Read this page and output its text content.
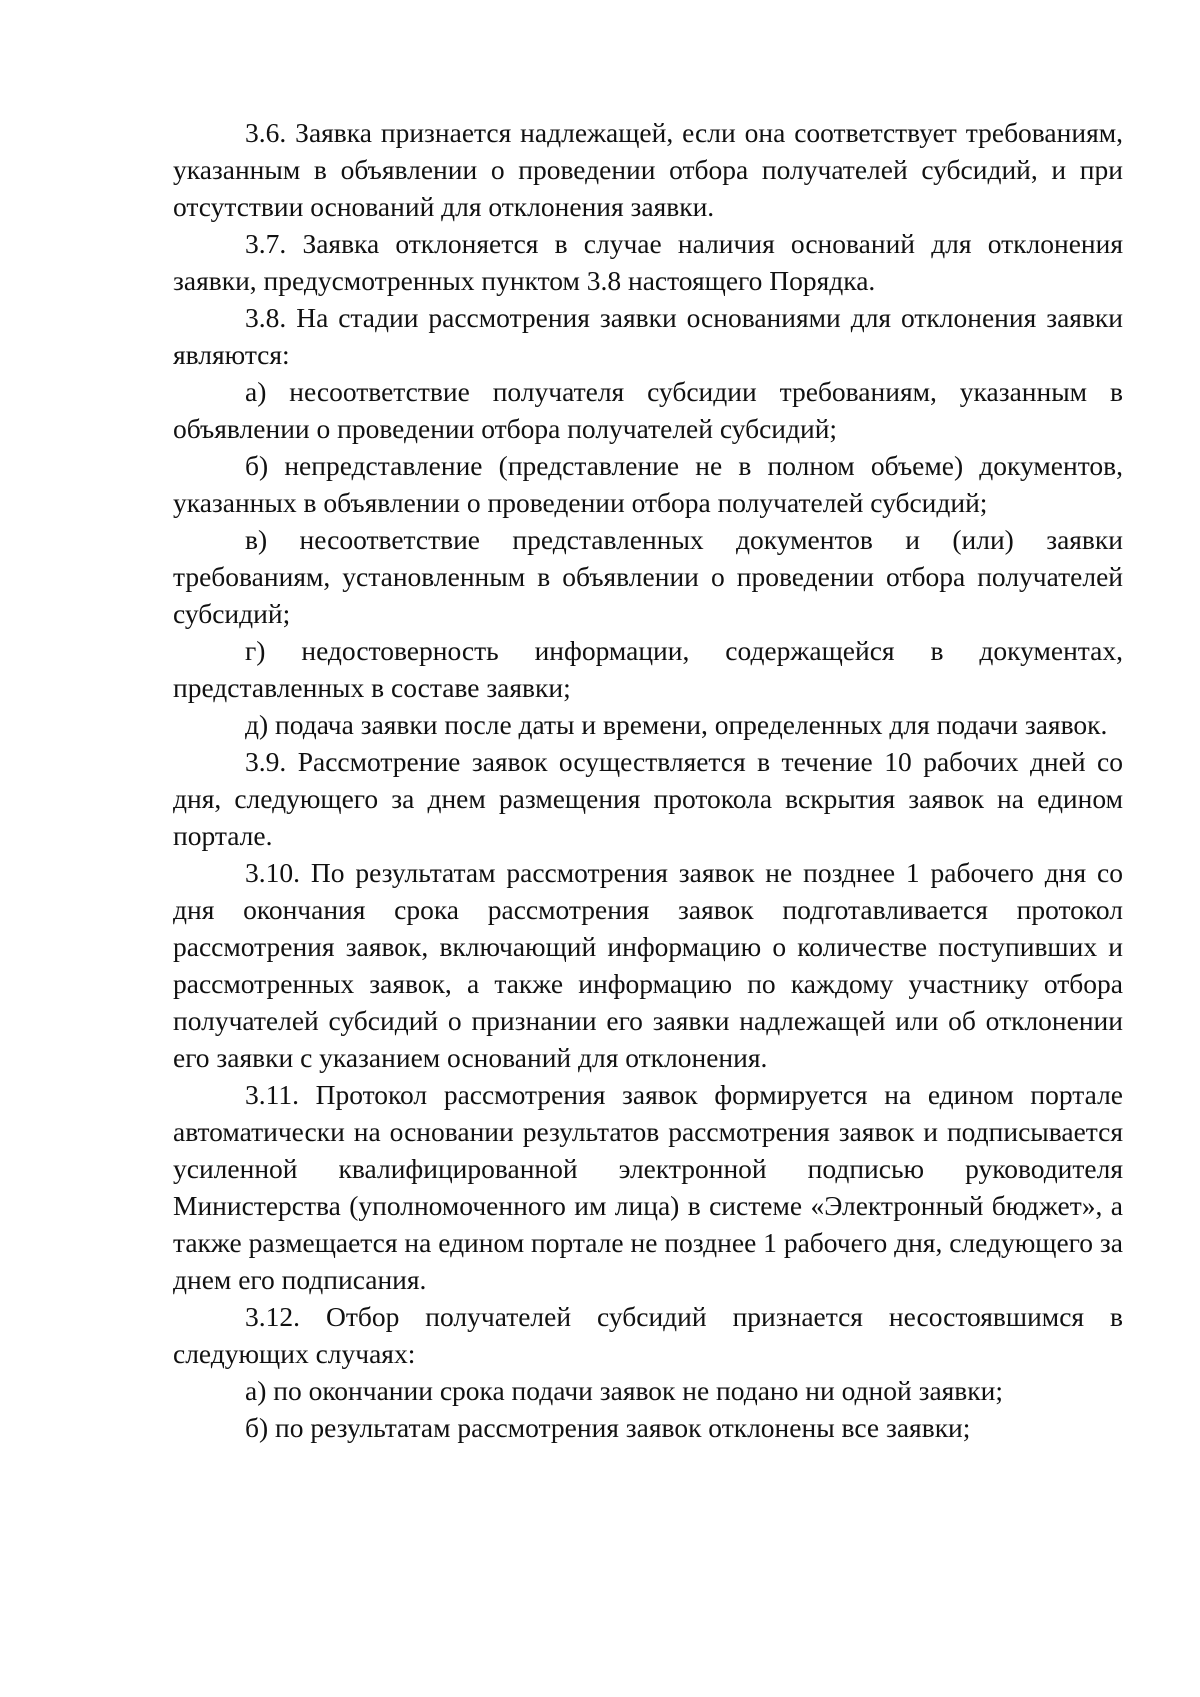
3.6. Заявка признается надлежащей, если она соответствует требованиям, указанным в объявлении о проведении отбора получателей субсидий, и при отсутствии оснований для отклонения заявки.

3.7. Заявка отклоняется в случае наличия оснований для отклонения заявки, предусмотренных пунктом 3.8 настоящего Порядка.

3.8. На стадии рассмотрения заявки основаниями для отклонения заявки являются:

а) несоответствие получателя субсидии требованиям, указанным в объявлении о проведении отбора получателей субсидий;

б) непредставление (представление не в полном объеме) документов, указанных в объявлении о проведении отбора получателей субсидий;

в) несоответствие представленных документов и (или) заявки требованиям, установленным в объявлении о проведении отбора получателей субсидий;

г) недостоверность информации, содержащейся в документах, представленных в составе заявки;

д) подача заявки после даты и времени, определенных для подачи заявок.

3.9. Рассмотрение заявок осуществляется в течение 10 рабочих дней со дня, следующего за днем размещения протокола вскрытия заявок на едином портале.

3.10. По результатам рассмотрения заявок не позднее 1 рабочего дня со дня окончания срока рассмотрения заявок подготавливается протокол рассмотрения заявок, включающий информацию о количестве поступивших и рассмотренных заявок, а также информацию по каждому участнику отбора получателей субсидий о признании его заявки надлежащей или об отклонении его заявки с указанием оснований для отклонения.

3.11. Протокол рассмотрения заявок формируется на едином портале автоматически на основании результатов рассмотрения заявок и подписывается усиленной квалифицированной электронной подписью руководителя Министерства (уполномоченного им лица) в системе «Электронный бюджет», а также размещается на едином портале не позднее 1 рабочего дня, следующего за днем его подписания.

3.12. Отбор получателей субсидий признается несостоявшимся в следующих случаях:

а) по окончании срока подачи заявок не подано ни одной заявки;

б) по результатам рассмотрения заявок отклонены все заявки;
